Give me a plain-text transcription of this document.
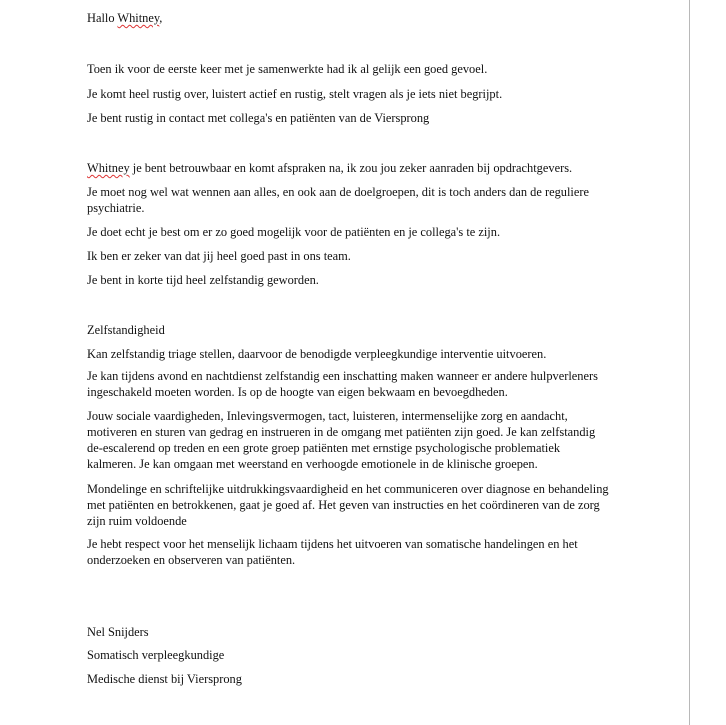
Hallo Whitney,
Toen ik voor de eerste keer met je samenwerkte had ik al gelijk een goed gevoel.
Je komt heel rustig over, luistert actief en rustig, stelt vragen als je iets niet begrijpt.
Je bent rustig in contact met collega's en patiënten van de Viersprong
Whitney je bent betrouwbaar en komt afspraken na, ik zou jou zeker aanraden bij opdrachtgevers.
Je moet nog wel wat wennen aan alles, en ook aan de doelgroepen, dit is toch anders dan de reguliere psychiatrie.
Je doet echt je best om er zo goed mogelijk voor de patiënten en je collega's te zijn.
Ik ben er zeker van dat jij heel goed past in ons team.
Je bent in korte tijd heel zelfstandig geworden.
Zelfstandigheid
Kan zelfstandig triage stellen, daarvoor de benodigde verpleegkundige interventie uitvoeren.
Je kan tijdens avond en nachtdienst zelfstandig een inschatting maken wanneer er andere hulpverleners ingeschakeld moeten worden. Is op de hoogte van eigen bekwaam en bevoegdheden.
Jouw sociale vaardigheden, Inlevingsvermogen, tact, luisteren, intermenselijke zorg en aandacht, motiveren en sturen van gedrag en instrueren in de omgang met patiënten zijn goed. Je kan zelfstandig de-escalerend op treden en een grote groep patiënten met ernstige psychologische problematiek kalmeren. Je kan omgaan met weerstand en verhoogde emotionele in de klinische groepen.
Mondelinge en schriftelijke uitdrukkingsvaardigheid en het communiceren over diagnose en behandeling met patiënten en betrokkenen, gaat je goed af. Het geven van instructies en het coördineren van de zorg zijn ruim voldoende
Je hebt respect voor het menselijk lichaam tijdens het uitvoeren van somatische handelingen en het onderzoeken en observeren van patiënten.
Nel Snijders
Somatisch verpleegkundige
Medische dienst bij Viersprong
